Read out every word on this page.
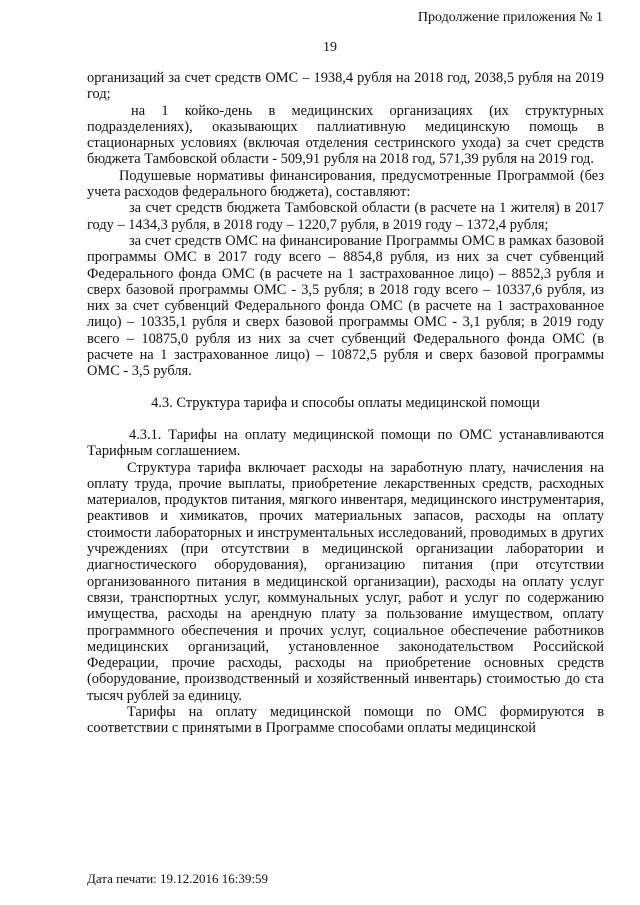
Продолжение приложения № 1
19

организаций за счет средств ОМС – 1938,4 рубля на 2018 год, 2038,5 рубля на 2019 год;

на 1 койко-день в медицинских организациях (их структурных подразделениях), оказывающих паллиативную медицинскую помощь в стационарных условиях (включая отделения сестринского ухода) за счет средств бюджета Тамбовской области - 509,91 рубля на 2018 год, 571,39 рубля на 2019 год.

Подушевые нормативы финансирования, предусмотренные Программой (без учета расходов федерального бюджета), составляют:

за счет средств бюджета Тамбовской области (в расчете на 1 жителя) в 2017 году – 1434,3 рубля, в 2018 году – 1220,7 рубля, в 2019 году – 1372,4 рубля;

за счет средств ОМС на финансирование Программы ОМС в рамках базовой программы ОМС в 2017 году всего – 8854,8 рубля, из них за счет субвенций Федерального фонда ОМС (в расчете на 1 застрахованное лицо) – 8852,3 рубля и сверх базовой программы ОМС - 3,5 рубля; в 2018 году всего – 10337,6 рубля, из них за счет субвенций Федерального фонда ОМС (в расчете на 1 застрахованное лицо) – 10335,1 рубля и сверх базовой программы ОМС - 3,1 рубля; в 2019 году всего – 10875,0 рубля из них за счет субвенций Федерального фонда ОМС (в расчете на 1 застрахованное лицо) – 10872,5 рубля и сверх базовой программы ОМС - 3,5 рубля.

4.3. Структура тарифа и способы оплаты медицинской помощи

4.3.1. Тарифы на оплату медицинской помощи по ОМС устанавливаются Тарифным соглашением.

Структура тарифа включает расходы на заработную плату, начисления на оплату труда, прочие выплаты, приобретение лекарственных средств, расходных материалов, продуктов питания, мягкого инвентаря, медицинского инструментария, реактивов и химикатов, прочих материальных запасов, расходы на оплату стоимости лабораторных и инструментальных исследований, проводимых в других учреждениях (при отсутствии в медицинской организации лаборатории и диагностического оборудования), организацию питания (при отсутствии организованного питания в медицинской организации), расходы на оплату услуг связи, транспортных услуг, коммунальных услуг, работ и услуг по содержанию имущества, расходы на арендную плату за пользование имуществом, оплату программного обеспечения и прочих услуг, социальное обеспечение работников медицинских организаций, установленное законодательством Российской Федерации, прочие расходы, расходы на приобретение основных средств (оборудование, производственный и хозяйственный инвентарь) стоимостью до ста тысяч рублей за единицу.

Тарифы на оплату медицинской помощи по ОМС формируются в соответствии с принятыми в Программе способами оплаты медицинской

Дата печати: 19.12.2016 16:39:59
